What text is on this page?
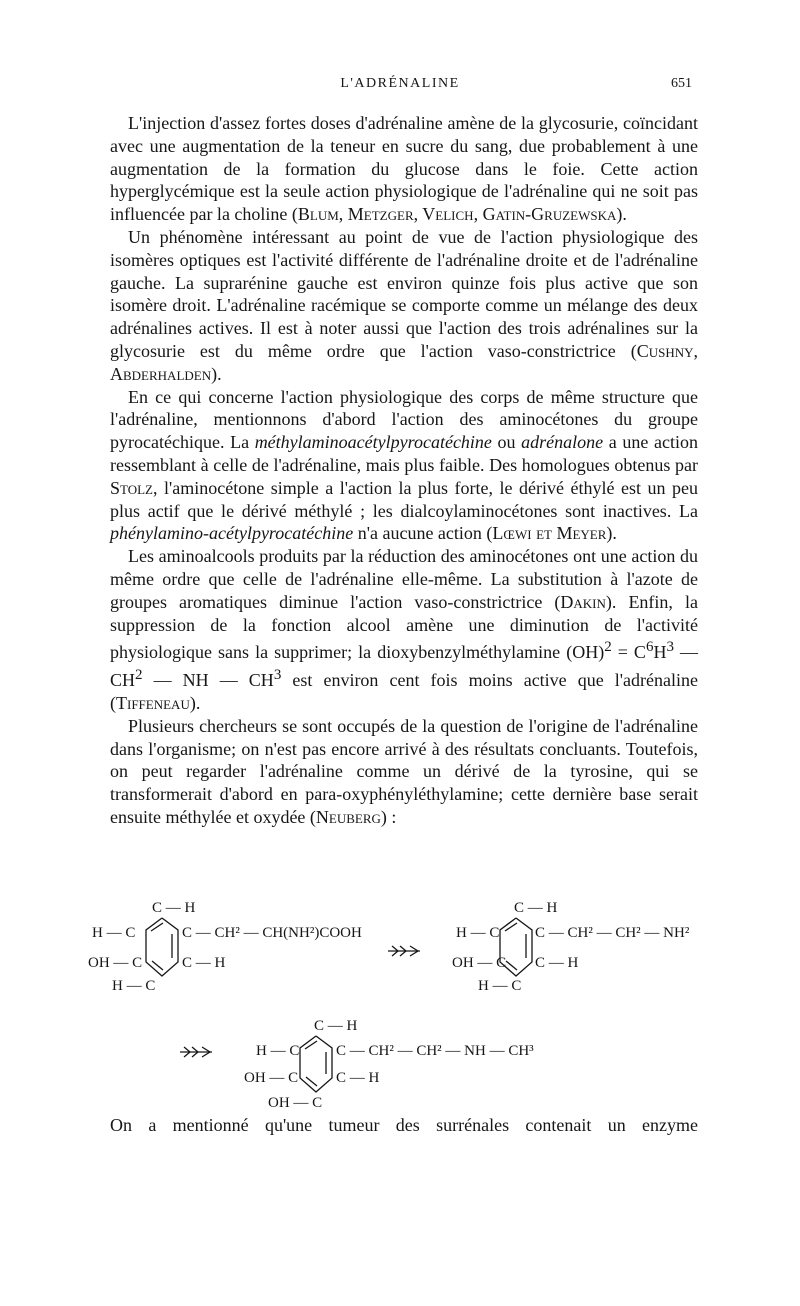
L'ADRÉNALINE	651

 L'injection d'assez fortes doses d'adrénaline amène de la glycosurie, coïncidant avec une augmentation de la teneur en sucre du sang, due probablement à une augmentation de la formation du glucose dans le foie. Cette action hyperglycémique est la seule action physiologique de l'adrénaline qui ne soit pas influencée par la choline (Blum, Metzger, Velich, Gatin-Gruzewska).

 Un phénomène intéressant au point de vue de l'action physiologique des isomères optiques est l'activité différente de l'adrénaline droite et de l'adrénaline gauche. La suprarénine gauche est environ quinze fois plus active que son isomère droit. L'adrénaline racémique se comporte comme un mélange des deux adrénalines actives. Il est à noter aussi que l'action des trois adrénalines sur la glycosurie est du même ordre que l'action vaso-constrictrice (Cushny, Abderhalden).

 En ce qui concerne l'action physiologique des corps de même structure que l'adrénaline, mentionnons d'abord l'action des aminocétones du groupe pyrocatéchique. La méthylaminoacétylpyrocatéchine ou adrénalone a une action ressemblant à celle de l'adrénaline, mais plus faible. Des homologues obtenus par Stolz, l'aminocétone simple a l'action la plus forte, le dérivé éthylé est un peu plus actif que le dérivé méthylé ; les dialcoylaminocétones sont inactives. La phénylamino-acétylpyrocatéchine n'a aucune action (Lœwi et Meyer).

 Les aminoalcools produits par la réduction des aminocétones ont une action du même ordre que celle de l'adrénaline elle-même. La substitution à l'azote de groupes aromatiques diminue l'action vaso-constrictrice (Dakin). Enfin, la suppression de la fonction alcool amène une diminution de l'activité physiologique sans la supprimer; la dioxybenzylméthylamine $(OH)^2 = C^6H^3$ — $CH^2$ — NH — $CH^3$ est environ cent fois moins active que l'adrénaline (Tiffeneau).

 Plusieurs chercheurs se sont occupés de la question de l'origine de l'adrénaline dans l'organisme; on n'est pas encore arrivé à des résultats concluants. Toutefois, on peut regarder l'adrénaline comme un dérivé de la tyrosine, qui se transformerait d'abord en para-oxyphényléthylamine; cette dernière base serait ensuite méthylée et oxydée (Neuberg) :

C — H
H — C	C — CH² — CH(NH²)COOH
OH — C	C — H
H — C
C — H
H — C C — CH² — CH² — NH²
OH — C C — H
H — C
C — H
H — C C — CH² — CH² — NH — CH³
OH — C	C — H
OH — C
On a mentionné qu'une tumeur des surrénales contenait un enzyme
